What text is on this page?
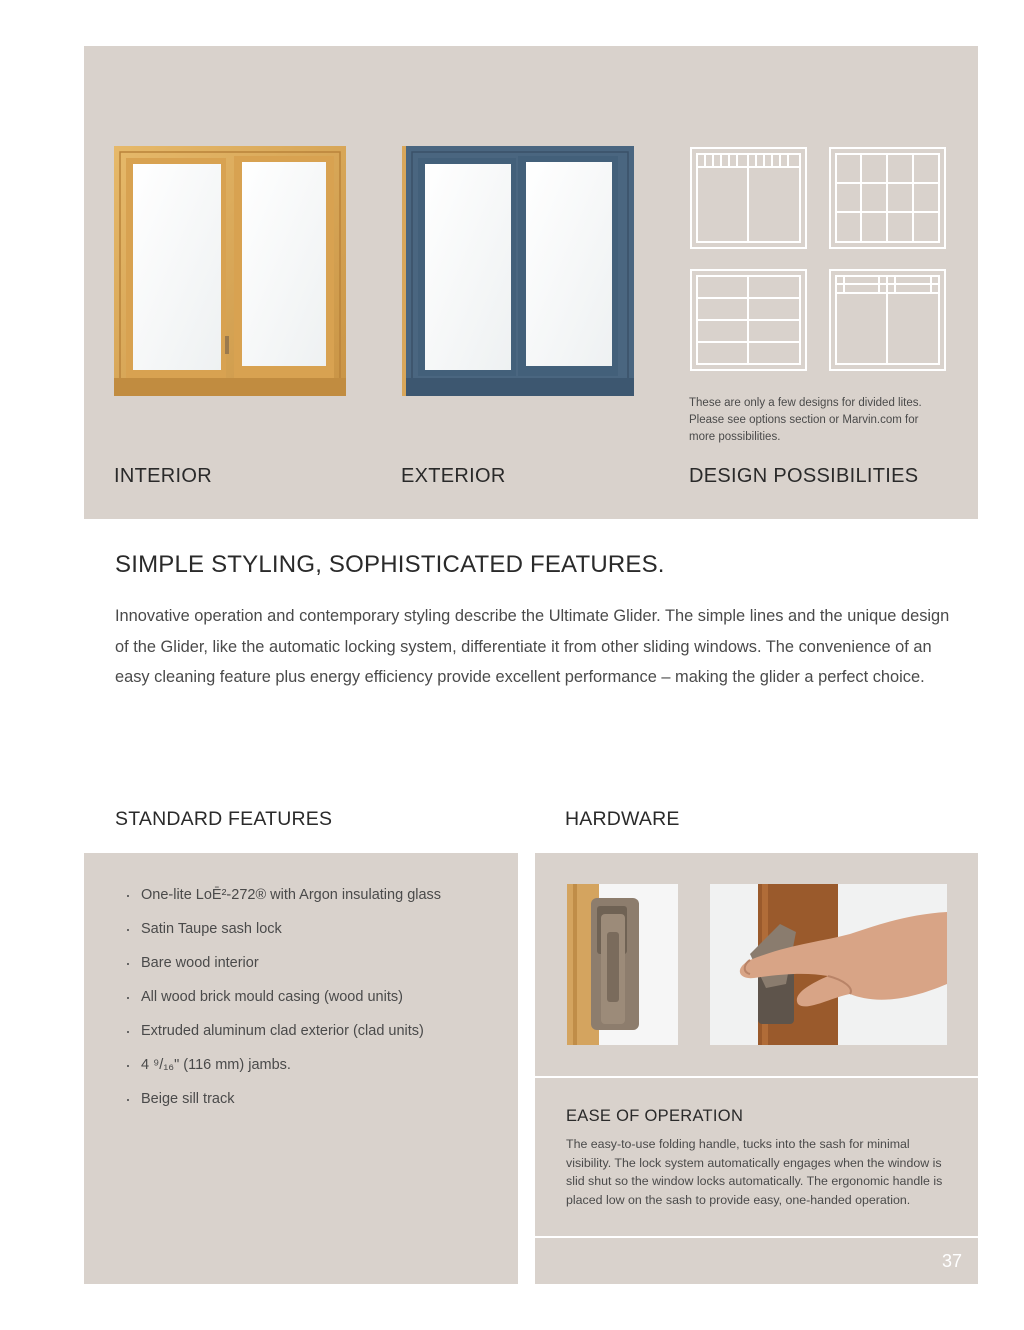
These are only a few designs for divided lites.
Please see options section or Marvin.com for
more possibilities.
INTERIOR	EXTERIOR	DESIGN POSSIBILITIES
SIMPLE STYLING, SOPHISTICATED FEATURES.
Innovative operation and contemporary styling describe the Ultimate Glider. The simple lines and the unique design of the Glider, like the automatic locking system, differentiate it from other sliding windows. The convenience of an easy cleaning feature plus energy efficiency provide excellent performance – making the glider a perfect choice.
STANDARD FEATURES	HARDWARE
· One-lite LoĒ²-272® with Argon insulating glass
· Satin Taupe sash lock
· Bare wood interior
· All wood brick mould casing (wood units)
· Extruded aluminum clad exterior (clad units)
· 4 ⁹/₁₆" (116 mm) jambs.
· Beige sill track
EASE OF OPERATION
The easy-to-use folding handle, tucks into the sash for minimal visibility. The lock system automatically engages when the window is slid shut so the window locks automatically. The ergonomic handle is placed low on the sash to provide easy, one-handed operation.
37
